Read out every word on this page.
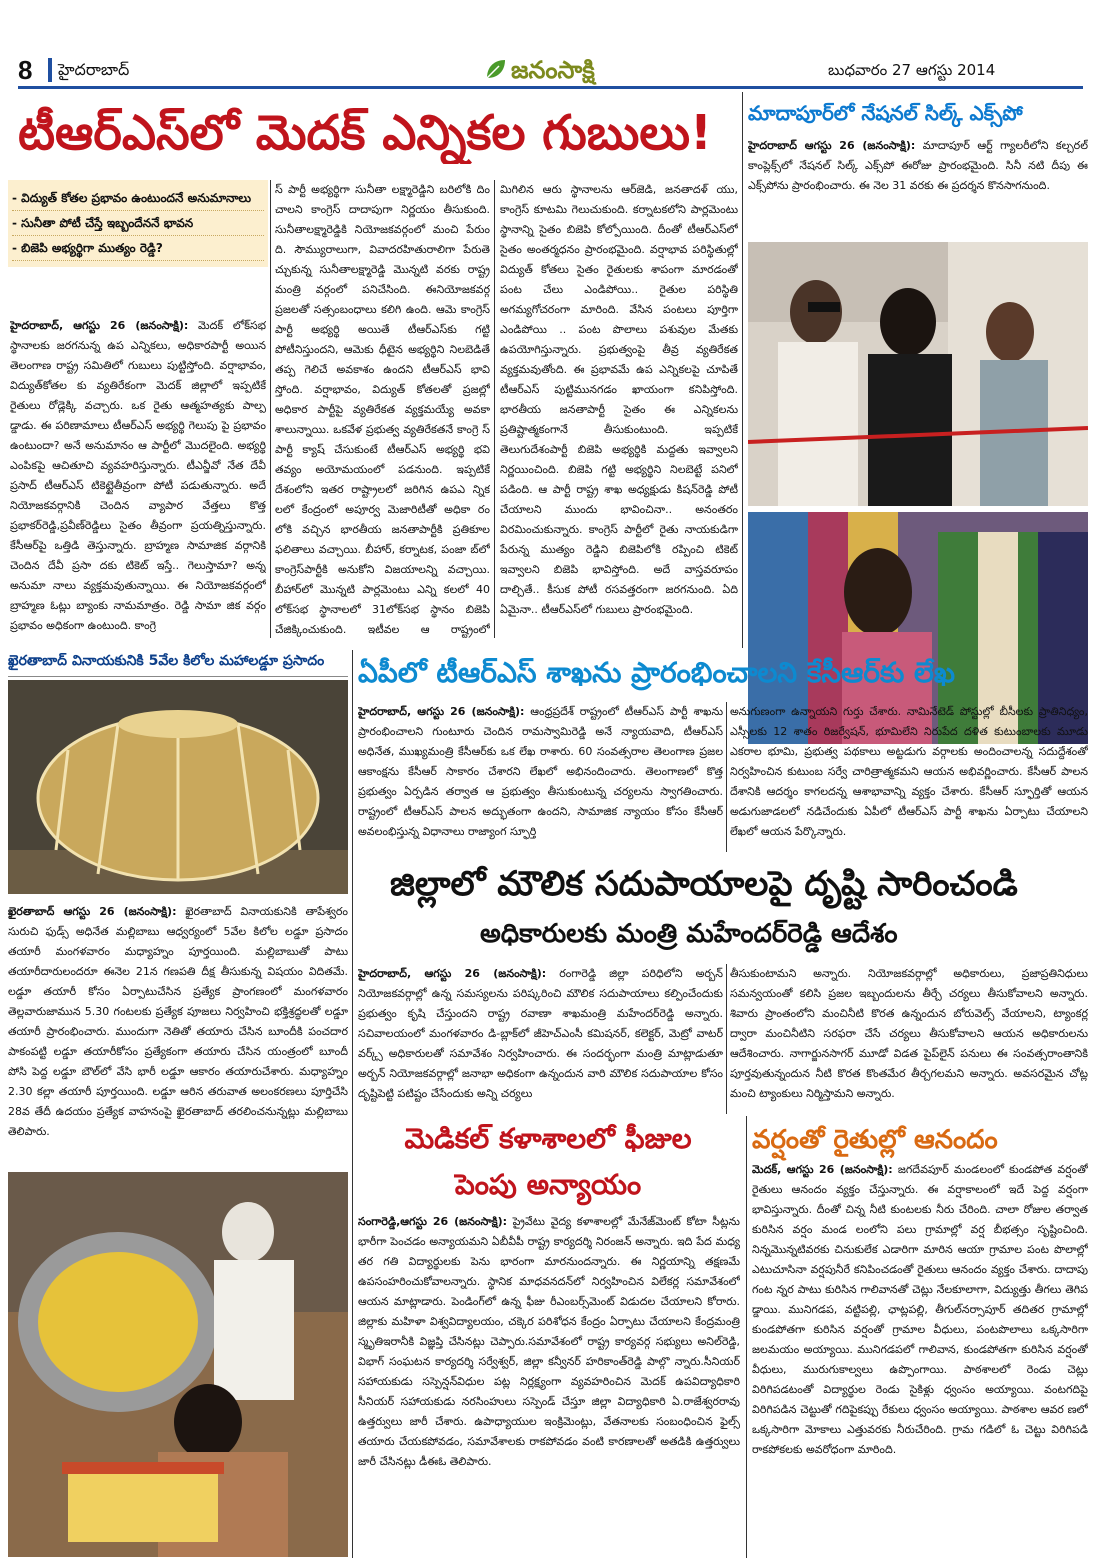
8	హైదరాబాద్	జనంసాక్షి	బుధవారం 27 ఆగస్టు 2014
టీఆర్‌ఎస్‌లో మెదక్‌ ఎన్నికల గుబులు!
- విద్యుత్‌ కోతల ప్రభావం ఉంటుందనే అనుమానాలు
- సునీతా పోటీ చేస్తే ఇబ్బందేననే భావన
- బిజెపి అభ్యర్థిగా ముత్యం రెడ్డి?
హైదరాబాద్‌, ఆగస్టు 26 (జనంసాక్షి): మెదక్‌ లోక్‌సభ స్థానాలకు జరగనున్న ఉప ఎన్నికలు, అధికారపార్టీ అయిన తెలంగాణ రాష్ట్ర సమితిలో గుబులు పుట్టిస్తోంది. వర్షాభావం, విద్యుత్‌కోతల కు వ్యతిరేకంగా మెదక్‌ జిల్లాలో ఇప్పటికే రైతులు రోడ్లెక్కి వచ్చారు. ఒక రైతు ఆత్మహత్యకు పాల్ప డ్డాడు. ఈ పరిణామాలు టీఆర్‌ఎస్‌ అభ్యర్థి గెలుపు పై ప్రభావం ఉంటుందా? అనే అనుమానం ఆ పార్టీలో మొదలైంది. అభ్యర్థి ఎంపికపై ఆచితూచి వ్యవహరిస్తున్నారు. టీఎన్జీవో నేత దేవీ ప్రసాద్‌ టీఆర్‌ఎస్‌ టికెట్టైతీవ్రంగా పోటీ పడుతున్నారు. అదే నియోజకవర్గానికి చెందిన వ్యాపార వేత్తలు కొత్త ప్రభాకర్‌రెడ్డి,ప్రవీణ్‌రెడ్డిలు సైతం తీవ్రంగా ప్రయత్నిస్తున్నారు. కేసీఆర్‌పై ఒత్తిడి తెస్తున్నారు. బ్రాహ్మణ సామాజిక వర్గానికి చెందిన దేవీ ప్రసా దకు టికెట్‌ ఇస్తే.. గెలుస్తామా? అన్న అనుమా నాలు వ్యక్తమవుతున్నాయి. ఈ నియోజకవర్గంలో బ్రాహ్మణ ఓట్లు బ్యాంకు నామమాత్రం. రెడ్డి సామా జిక వర్గం ప్రభావం అధికంగా ఉంటుంది. కాంగ్రె
స్‌ పార్టీ అభ్యర్థిగా సునీతా లక్ష్మారెడ్డిని బరిలోకి దిం చాలని కాంగ్రెస్‌ దాదాపుగా నిర్ణయం తీసుకుంది. సునీతాలక్ష్మారెడ్డికి నియోజకవర్గంలో మంచి పేరుం ది. సౌమ్యురాలుగా, వివాదరహితురాలిగా పేరుతె చ్చుకున్న సునీతాలక్ష్మారెడ్డి మొన్నటి వరకు రాష్ట్ర మంత్రి వర్గంలో పనిచేసింది. ఈనియోజకవర్గ ప్రజలతో సత్సంబంధాలు కలిగి ఉంది. ఆమె కాంగ్రెస్‌ పార్టీ అభ్యర్థి అయితే టీఆర్‌ఎస్‌కు గట్టి పోటీనిస్తుందని, ఆమెకు ధీటైన అభ్యర్థిని నిలబెడితే తప్ప గెలిచే అవకాశం ఉందని టీఆర్‌ఎస్‌ భావి స్తోంది. వర్షాభావం, విద్యుత్‌ కోతలతో ప్రజల్లో అధికార పార్టీపై వ్యతిరేకత వ్యక్తమయ్యే అవకా శాలున్నాయి. ఒకవేళ ప్రభుత్వ వ్యతిరేకతనే కాంగ్రె స్‌ పార్టీ క్యాష్‌ చేసుకుంటే టీఆర్‌ఎస్‌ అభ్యర్థి భవి తవ్యం అయోమయంలో పడనుంది. ఇప్పటికే దేశంలోని ఇతర రాష్ట్రాలలో జరిగిన ఉపఎ న్నిక లలో కేంద్రంలో అపూర్వ మెజారిటీతో అధికా రం లోకి వచ్చిన భారతీయ జనతాపార్టీకి ప్రతికూల ఫలితాలు వచ్చాయి. బీహార్‌, కర్నాటక, పంజా బ్‌లో కాంగ్రెస్‌పార్టీకి అనుకోని విజయాలన్ని వచ్చాయి. బీహార్‌లో మొన్నటి పార్లమెంటు ఎన్ని కలలో 40 లోక్‌సభ స్థానాలలో 31లోక్‌సభ స్థానం బిజెపి చేజిక్కించుకుంది. ఇటీవల ఆ రాష్ట్రంలో
మిగిలిన ఆరు స్థానాలను ఆర్‌జెడి, జనతాదళ్‌ యు, కాంగ్రెస్‌ కూటమి గెలుచుకుంది. కర్నాటకలోని పార్లమెంటు స్థానాన్ని సైతం బిజెపి కోల్పోయింది. దీంతో టీఆర్‌ఎస్‌లో సైతం అంతర్మధనం ప్రారంభమైంది. వర్షాభావ పరిస్థితుల్లో విద్యుత్‌ కోతలు సైతం రైతులకు శాపంగా మారడంతో పంట చేలు ఎండిపోయి.. రైతుల పరిస్థితి అగమ్యగోచరంగా మారింది. వేసిన పంటలు పూర్తిగా ఎండిపోయి .. పంట పొలాలు పశువుల మేతకు ఉపయోగిస్తున్నారు. ప్రభుత్వంపై తీవ్ర వ్యతిరేకత వ్యక్తమవుతోంది. ఈ ప్రభావమే ఉప ఎన్నికలపై చూపితే టీఆర్‌ఎస్‌ పుట్టిమునగడం ఖాయంగా కనిపిస్తోంది. భారతీయ జనతాపార్టీ సైతం ఈ ఎన్నికలను ప్రతిష్టాత్మకంగానే తీసుకుంటుంది. ఇప్పటికే తెలుగుదేశంపార్టీ బిజెపి అభ్యర్థికి మద్దతు ఇవ్వాలని నిర్ణయించింది. బిజెపి గట్టి అభ్యర్థిని నిలబెట్టే పనిలో పడింది. ఆ పార్టీ రాష్ట్ర శాఖ అధ్యక్షుడు కిషన్‌రెడ్డి పోటీ చేయాలని ముందు భావించినా.. అనంతరం విరమించుకున్నారు. కాంగ్రెస్‌ పార్టీలో రైతు నాయకుడిగా పేరున్న ముత్యం రెడ్డిని బిజెపిలోకి రప్పించి టికెట్‌ ఇవ్వాలని బిజెపి భావిస్తోంది. అదే వాస్తవరూపం దాల్చితే.. కీసుక పోటీ రసవత్తరంగా జరగనుంది. ఏది ఏమైనా.. టీఆర్‌ఎస్‌లో గుబులు ప్రారంభమైంది.
మాదాపూర్‌లో నేషనల్‌ సిల్క్‌ ఎక్స్‌పో
హైదరాబాద్‌ ఆగస్టు 26 (జనంసాక్షి): మాదాపూర్‌ ఆర్ట్‌ గ్యాలరీలోని కల్చరల్‌ కాంప్లెక్స్‌లో నేషనల్‌ సిల్క్‌ ఎక్స్‌పో ఈరోజు ప్రారంభమైంది. సినీ నటి దీపు ఈ ఎక్స్‌పోను ప్రారంభించారు. ఈ నెల 31 వరకు ఈ ప్రదర్శన కొనసాగనుంది.
ఖైరతాబాద్‌ వినాయకునికి 5వేల కిలోల మహాలడ్డూ ప్రసాదం
ఖైరతాబాద్‌ ఆగస్టు 26 (జనంసాక్షి): ఖైరతాబాద్‌ వినాయకునికి తాపేశ్వరం సురుచి ఫుడ్స్‌ అధినేత మల్లిబాబు ఆధ్వర్యంలో 5వేల కిలోల లడ్డూ ప్రసాదం తయారీ మంగళవారం మధ్యాహ్నం పూర్తయింది. మల్లిబాబుతో పాటు తయారీదారులందరూ ఈనెల 21న గణపతి దీక్ష తీసుకున్న విషయం విదితమే. లడ్డూ తయారీ కోసం ఏర్పాటుచేసిన ప్రత్యేక ప్రాంగణంలో మంగళవారం తెల్లవారుజామున 5.30 గంటలకు ప్రత్యేక పూజలు నిర్వహించి భక్తిశ్రద్ధలతో లడ్డూ తయారీ ప్రారంభించారు. ముందుగా నెతితో తయారు చేసిన బూందీకి పంచదార పాకంపట్టి లడ్డూ తయారీకోసం ప్రత్యేకంగా తయారు చేసిన యంత్రంలో బూందీ పోసి పెద్ద లడ్డూ బౌల్‌లో వేసి భారీ లడ్డూ ఆకారం తయారుచేశారు. మధ్యాహ్నం 2.30 కల్లా తయారీ పూర్తయింది. లడ్డూ ఆరిన తరువాత అలంకరణలు పూర్తిచేసి 28వ తేదీ ఉదయం ప్రత్యేక వాహనంపై ఖైరతాబాద్‌ తరలించనున్నట్లు మల్లిబాబు తెలిపారు.
ఏపీలో టీఆర్‌ఎస్‌ శాఖను ప్రారంభించాలని కేసీఆర్‌కు లేఖ
హైదరాబాద్‌, ఆగస్టు 26 (జనంసాక్షి): ఆంధ్రప్రదేశ్‌ రాష్ట్రంలో టీఆర్‌ఎస్‌ పార్టీ శాఖను ప్రారంభించాలని గుంటూరు చెందిన రామస్వామిరెడ్డి అనే న్యాయవాది, టీఆర్‌ఎస్‌ అధినేత, ముఖ్యమంత్రి కేసీఆర్‌కు ఒక లేఖ రాశారు. 60 సంవత్సరాల తెలంగాణ ప్రజల ఆకాంక్షను కేసీఆర్‌ సాకారం చేశారని లేఖలో అభినందించారు. తెలంగాణలో కొత్త ప్రభుత్వం ఏర్పడిన తర్వాత ఆ ప్రభుత్వం తీసుకుంటున్న చర్యలను స్వాగతించారు. రాష్ట్రంలో టీఆర్‌ఎస్‌ పాలన అద్భుతంగా ఉందని, సామాజిక న్యాయం కోసం కేసీఆర్‌ అవలంభిస్తున్న విధానాలు రాజ్యాంగ స్ఫూర్తి
అనుగుణంగా ఉన్నాయని గుర్తు చేశారు. నామినేటెడ్‌ పోస్టుల్లో బీసీలకు ప్రాతినిధ్యం, ఎస్సీలకు 12 శాతం రిజర్వేషన్‌, భూమిలేని నిరుపేద దళిత కుటుంబాలకు మూడు ఎకరాల భూమి, ప్రభుత్వ పథకాలు అట్టడుగు వర్గాలకు అందించాలన్న సదుద్దేశంతో నిర్వహించిన కుటుంబ సర్వే చారిత్రాత్మకమని ఆయన అభివర్ణించారు. కేసీఆర్‌ పాలన దేశానికి ఆదర్శం కాగలదన్న ఆశాభావాన్ని వ్యక్తం చేశారు. కేసీఆర్‌ స్ఫూర్తితో ఆయన అడుగుజాడలలో నడిచేందుకు ఏపీలో టీఆర్‌ఎస్‌ పార్టీ శాఖను ఏర్పాటు చేయాలని లేఖలో ఆయన పేర్కొన్నారు.
జిల్లాలో మౌలిక సదుపాయాలపై దృష్టి సారించండి
అధికారులకు మంత్రి మహేందర్‌రెడ్డి ఆదేశం
హైదరాబాద్‌, ఆగస్టు 26 (జనంసాక్షి): రంగారెడ్డి జిల్లా పరిధిలోని అర్బన్‌ నియోజకవర్గాల్లో ఉన్న సమస్యలను పరిష్కరించి మౌలిక సదుపాయాలు కల్పించేందుకు ప్రభుత్వం కృషి చేస్తుందని రాష్ట్ర రవాణా శాఖమంత్రి మహేందర్‌రెడ్డి అన్నారు. సచివాలయంలో మంగళవారం డి-బ్లాక్‌లో జీహెచ్‌ఎంసీ కమిషనర్‌, కలెక్టర్‌, మెట్రో వాటర్‌ వర్క్స్‌ అధికారులతో సమావేశం నిర్వహించారు. ఈ సందర్భంగా మంత్రి మాట్లాడుతూ అర్బన్‌ నియోజకవర్గాల్లో జనాభా అధికంగా ఉన్నందున వారి మౌలిక సదుపాయాల కోసం దృష్టిపెట్టి పటిష్టం చేసేందుకు అన్ని చర్యలు
తీసుకుంటామని అన్నారు. నియోజకవర్గాల్లో అధికారులు, ప్రజాప్రతినిధులు సమన్వయంతో కలిసి ప్రజల ఇబ్బందులను తీర్చే చర్యలు తీసుకోవాలని అన్నారు. శివారు ప్రాంతంలోని మంచినీటి కొరత ఉన్నందున బోరువెల్స్‌ వేయాలని, ట్యాంకర్ల ద్వారా మంచినీటిని సరఫరా చేసే చర్యలు తీసుకోవాలని ఆయన అధికారులను ఆదేశించారు. నాగార్జునసాగర్‌ మూడో విడత పైప్‌లైన్‌ పనులు ఈ సంవత్సరాంతానికి పూర్తవుతున్నందున నీటి కొరత కొంతమేర తీర్చగలమని అన్నారు. అవసరమైన చోట్ల మంచి ట్యాంకులు నిర్మిస్తామని అన్నారు.
మెడికల్‌ కళాశాలలో ఫీజుల
పెంపు అన్యాయం
సంగారెడ్డి,ఆగస్టు 26 (జనంసాక్షి): ప్రైవేటు వైద్య కళాశాలల్లో మేనేజ్‌మెంట్‌ కోటా సీట్లను భారీగా పెంచడం అన్యాయమని ఏబీవీపీ రాష్ట్ర కార్యదర్శి నిరంజన్‌ అన్నారు. ఇది పేద మధ్య తర గతి విద్యార్థులకు పెను భారంగా మారనుందన్నారు. ఈ నిర్ణయాన్ని తక్షణమే ఉపసంహరించుకోవాలన్నారు. స్థానిక మాధవనదన్‌లో నిర్వహించిన విలేకర్ల సమావేశంలో ఆయన మాట్లాడారు. పెండింగ్‌లో ఉన్న ఫీజు రీఎంబర్స్‌మెంట్‌ విడుదల చేయాలని కోరారు. జిల్లాకు మహిళా విశ్వవిద్యాలయం, చక్కెర పరిశోధన కేంద్రం ఏర్పాటు చేయాలని కేంద్రమంత్రి స్మృతిఇరానీకి విజ్ఞప్తి చేసినట్లు చెప్పారు.సమావేశంలో రాష్ట్ర కార్యవర్గ సభ్యులు అనిల్‌రెడ్డి, విభాగ్‌ సంఘటన కార్యదర్శి సర్వేశ్వర్‌, జిల్లా కన్వీనర్‌ హరికాంత్‌రెడ్డి పాల్గొ న్నారు.సీనియర్‌ సహాయకుడు సస్పెన్షన్‌విధుల పట్ల నిర్లక్ష్యంగా వ్యవహరించిన మెదక్‌ ఉపవిద్యాధికారి సీనియర్‌ సహాయకుడు నరసింహులు సస్పెండ్‌ చేస్తూ జిల్లా విద్యాధికారి ఏ.రాజేశ్వరరావు ఉత్తర్వులు జారీ చేశారు. ఉపాధ్యాయుల ఇంక్రిమెంట్లు, వేతనాలకు సంబంధించిన ఫైల్స్‌ తయారు చేయకపోవడం, సమావేశాలకు రాకపోవడం వంటి కారణాలతో అతడికి ఉత్తర్వులు జారీ చేసినట్లు డీఈఓ తెలిపారు.
వర్షంతో రైతుల్లో ఆనందం
మెదక్‌, ఆగస్టు 26 (జనంసాక్షి): జగదేవపూర్‌ మండలంలో కుండపోత వర్షంతో రైతులు ఆనందం వ్యక్తం చేస్తున్నారు. ఈ వర్షాకాలంలో ఇదే పెద్ద వర్షంగా భావిస్తున్నారు. దీంతో చిన్న నీటి కుంటలకు నీరు చేరింది. చాలా రోజుల తర్వాత కురిసిన వర్షం మండ లంలోని పలు గ్రామాల్లో వర్ష బీభత్సం సృష్టించింది. నిన్నమొన్నటివరకు చినుకులేక ఎడారిగా మారిన ఆయా గ్రామాల పంట పొలాల్లో ఎటుచూసినా వర్షపునీరే కనిపించడంతో రైతులు ఆనందం వ్యక్తం చేశారు. దాదాపు గంట న్నర పాటు కురిసిన గాలివానతో చెట్లు నేలకూలాగా, విద్యుత్తు తీగలు తెగిప డ్డాయి. మునిగడప, వట్టిపల్లి, ఛాట్లపల్లి, తీగుల్‌నర్సాపూర్‌ తదితర గ్రామాల్లో కుండపోతగా కురిసిన వర్షంతో గ్రామాల వీధులు, పంటపొలాలు ఒక్కసారిగా జలమయం అయ్యాయి. మునిగడపలో గాలివాన, కుండపోతగా కురిసిన వర్షంతో వీధులు, మురుగుకాల్వలు ఉప్పొంగాయి. పాఠశాలలో రెండు చెట్లు విరిగిపడటంతో విద్యార్థుల రెండు సైకిళ్లు ధ్వంసం అయ్యాయి. వంటగదిపై విరిగిపడిన చెట్టుతో గదిపైకప్పు రేకులు ధ్వంసం అయ్యాయి. పాఠశాల ఆవర ణలో ఒక్కసారిగా మోకాలు ఎత్తువరకు నీరుచేరింది. గ్రామ గడిలో ఓ చెట్టు విరిగిపడి రాకపోకలకు అవరోధంగా మారింది.
